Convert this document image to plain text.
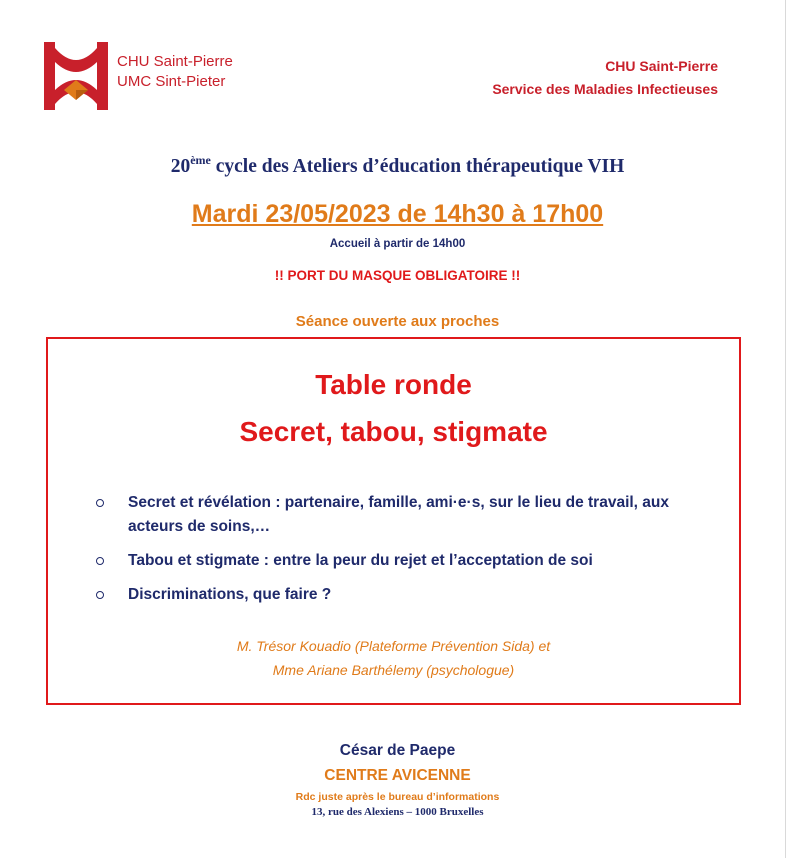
CHU Saint-Pierre
UMC Sint-Pieter
CHU Saint-Pierre
Service des Maladies Infectieuses
20ème cycle des Ateliers d’éducation thérapeutique VIH
Mardi 23/05/2023 de 14h30 à 17h00
Accueil à partir de 14h00
!! PORT DU MASQUE OBLIGATOIRE !!
Séance ouverte aux proches
Table ronde
Secret, tabou, stigmate
Secret et révélation : partenaire, famille, ami·e·s, sur le lieu de travail, aux acteurs de soins,…
Tabou et stigmate : entre la peur du rejet et l’acceptation de soi
Discriminations, que faire ?
M. Trésor Kouadio (Plateforme Prévention Sida) et
Mme Ariane Barthélemy (psychologue)
César de Paepe
CENTRE AVICENNE
Rdc juste après le bureau d’informations
13, rue des Alexiens – 1000 Bruxelles
